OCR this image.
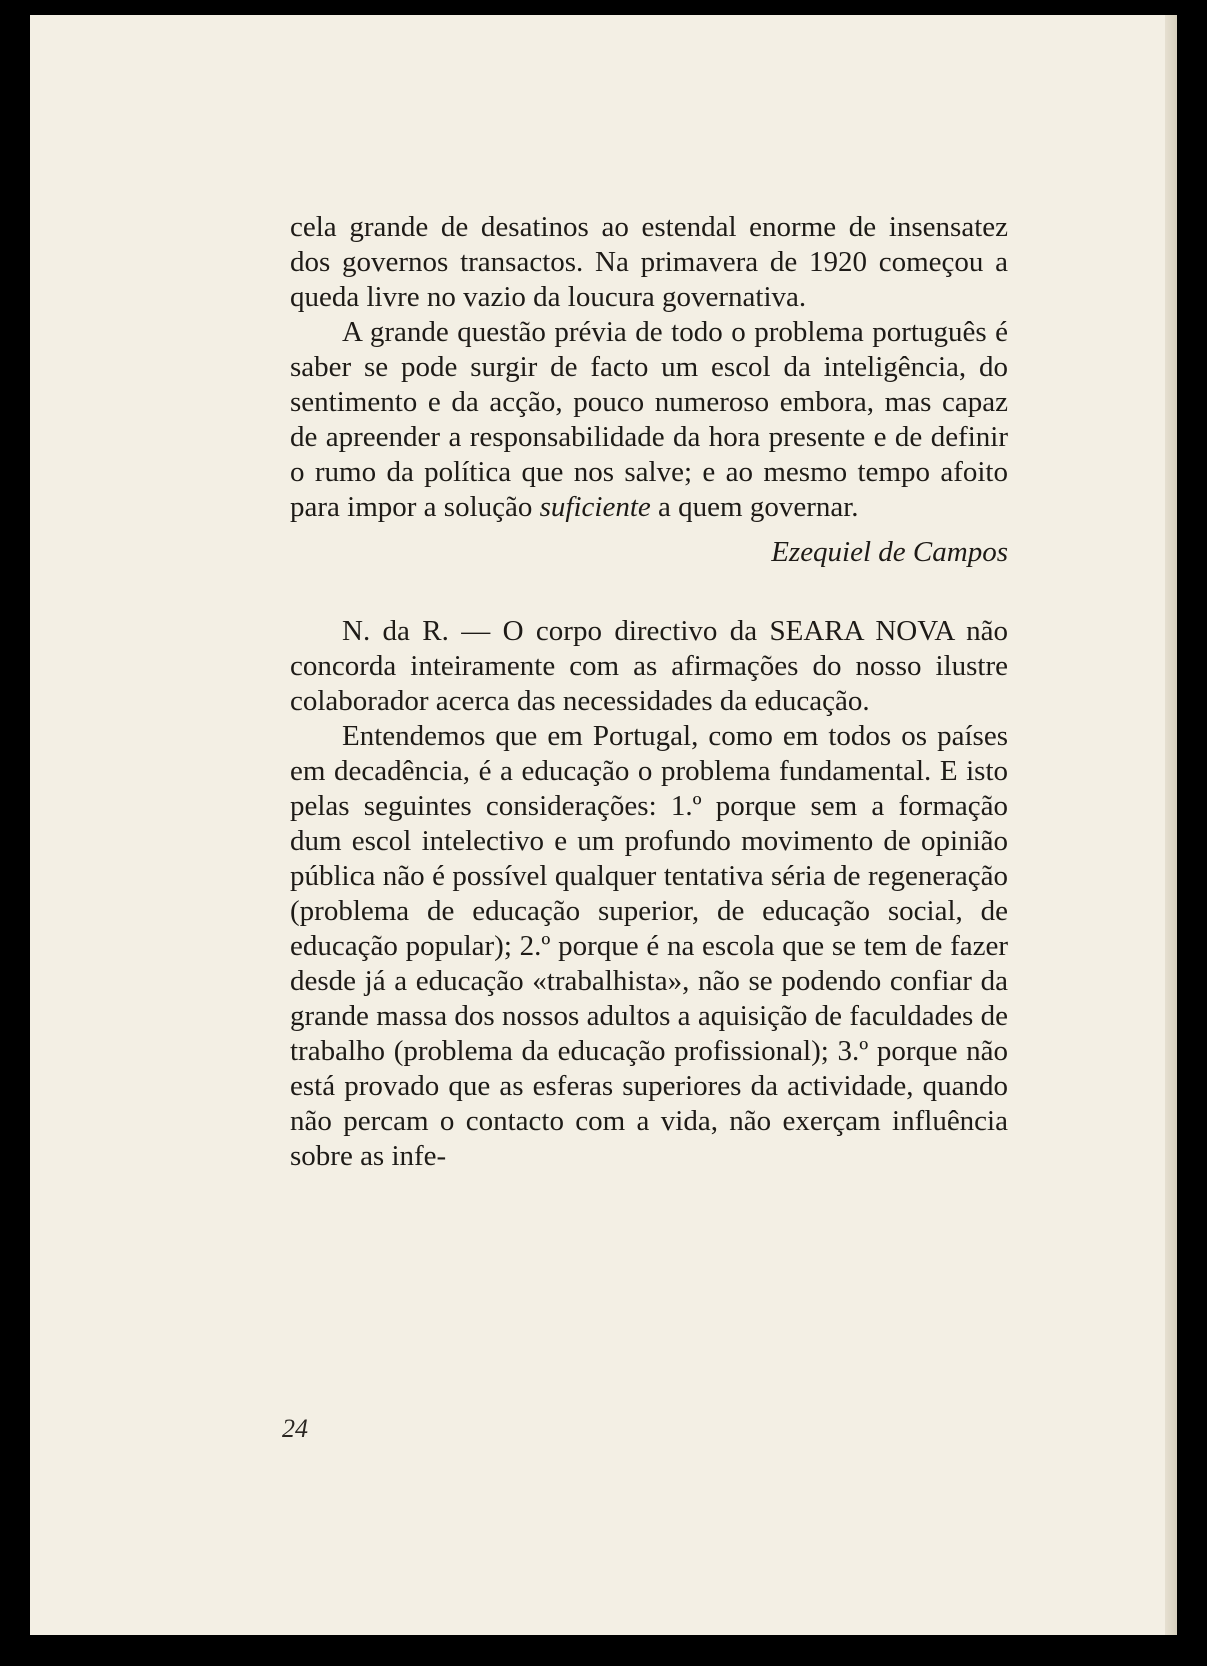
cela grande de desatinos ao estendal enorme de insensatez dos governos transactos. Na primavera de 1920 começou a queda livre no vazio da loucura governativa.

A grande questão prévia de todo o problema português é saber se pode surgir de facto um escol da inteligência, do sentimento e da acção, pouco numeroso embora, mas capaz de apreender a responsabilidade da hora presente e de definir o rumo da política que nos salve; e ao mesmo tempo afoito para impor a solução suficiente a quem governar.

Ezequiel de Campos

N. da R. — O corpo directivo da SEARA NOVA não concorda inteiramente com as afirmações do nosso ilustre colaborador acerca das necessidades da educação.

Entendemos que em Portugal, como em todos os países em decadência, é a educação o problema fundamental. E isto pelas seguintes considerações: 1.º porque sem a formação dum escol intelectivo e um profundo movimento de opinião pública não é possível qualquer tentativa séria de regeneração (problema de educação superior, de educação social, de educação popular); 2.º porque é na escola que se tem de fazer desde já a educação «trabalhista», não se podendo confiar da grande massa dos nossos adultos a aquisição de faculdades de trabalho (problema da educação profissional); 3.º porque não está provado que as esferas superiores da actividade, quando não percam o contacto com a vida, não exerçam influência sobre as infe-

24
